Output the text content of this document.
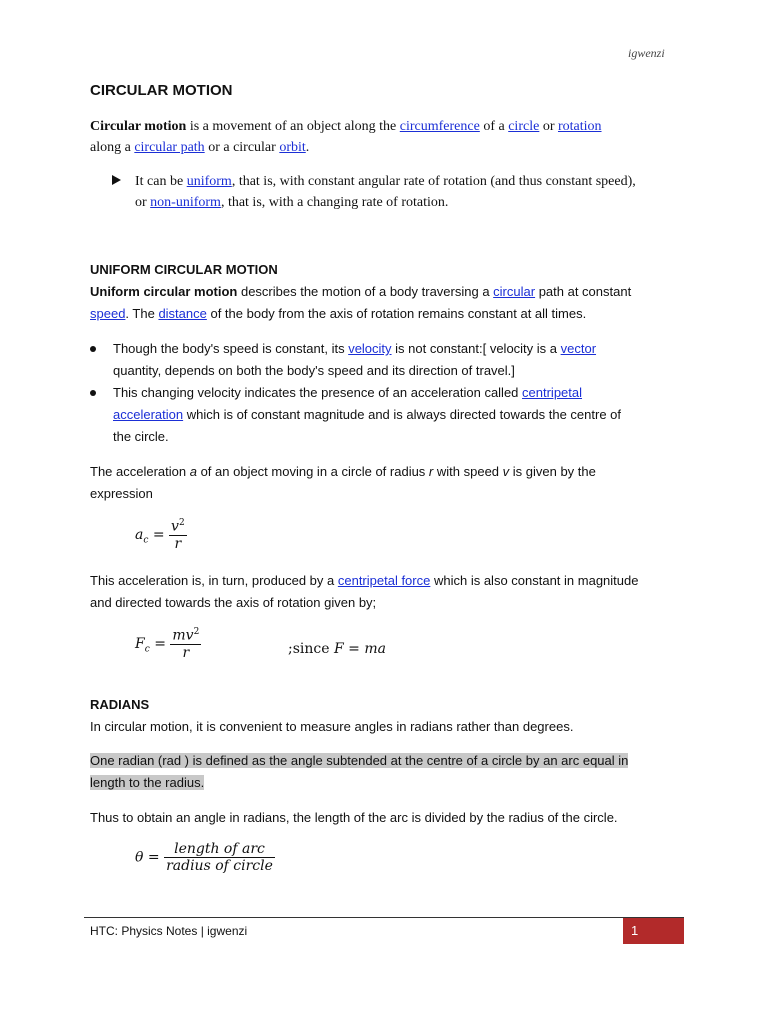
igwenzi
CIRCULAR MOTION
Circular motion is a movement of an object along the circumference of a circle or rotation
along a circular path or a circular orbit.
It can be uniform, that is, with constant angular rate of rotation (and thus constant speed),
or non-uniform, that is, with a changing rate of rotation.
UNIFORM CIRCULAR MOTION
Uniform circular motion describes the motion of a body traversing a circular path at constant
speed. The distance of the body from the axis of rotation remains constant at all times.
Though the body's speed is constant, its velocity is not constant:[ velocity is a vector
quantity, depends on both the body's speed and its direction of travel.]
This changing velocity indicates the presence of an acceleration called centripetal
acceleration which is of constant magnitude and is always directed towards the centre of
the circle.
The acceleration a of an object moving in a circle of radius r with speed v is given by the
expression
$a_c = \frac{v^2}{r}$
This acceleration is, in turn, produced by a centripetal force which is also constant in magnitude
and directed towards the axis of rotation given by;
$F_c = \frac{mv^2}{r}$	;since F = ma
RADIANS
In circular motion, it is convenient to measure angles in radians rather than degrees.
One radian (rad ) is defined as the angle subtended at the centre of a circle by an arc equal in
length to the radius.
Thus to obtain an angle in radians, the length of the arc is divided by the radius of the circle.
$\theta = \frac{\text{length of arc}}{\text{radius of circle}}$
HTC: Physics Notes | igwenzi	1
